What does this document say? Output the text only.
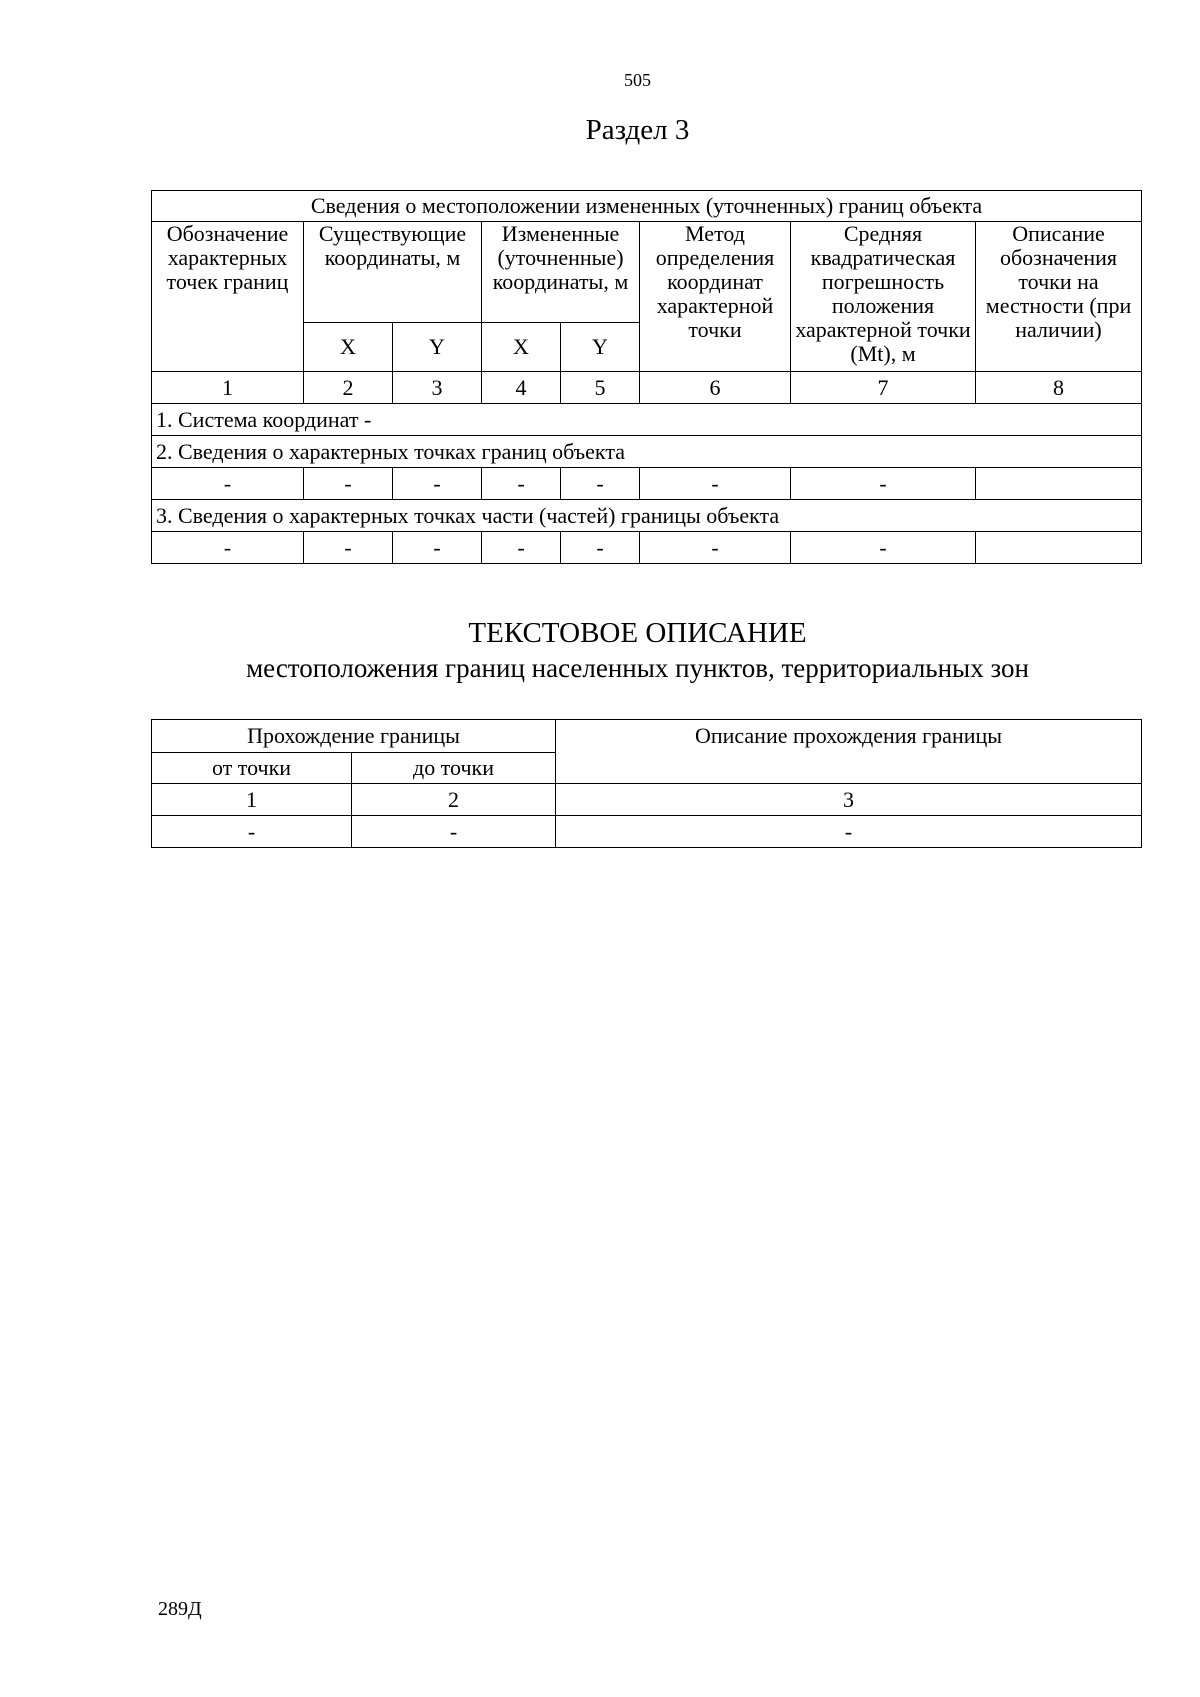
505
Раздел 3
Сведения о местоположении измененных (уточненных) границ объекта							
Обозначение характерных точек границ	Существующие координаты, м		Измененные (уточненные) координаты, м		Метод определения координат характерной точки	Средняя квадратическая погрешность положения характерной точки (Mt), м	Описание обозначения точки на местности (при наличии)
	X	Y	X	Y			
1	2	3	4	5	6	7	8
1. Система координат -							
2. Сведения о характерных точках границ объекта							
-	-	-	-	-	-	-	
3. Сведения о характерных точках части (частей) границы объекта							
-	-	-	-	-	-	-	
ТЕКСТОВОЕ ОПИСАНИЕ
местоположения границ населенных пунктов, территориальных зон
Прохождение границы		Описание прохождения границы
от точки	до точки	
1	2	3
-	-	-
289Д
